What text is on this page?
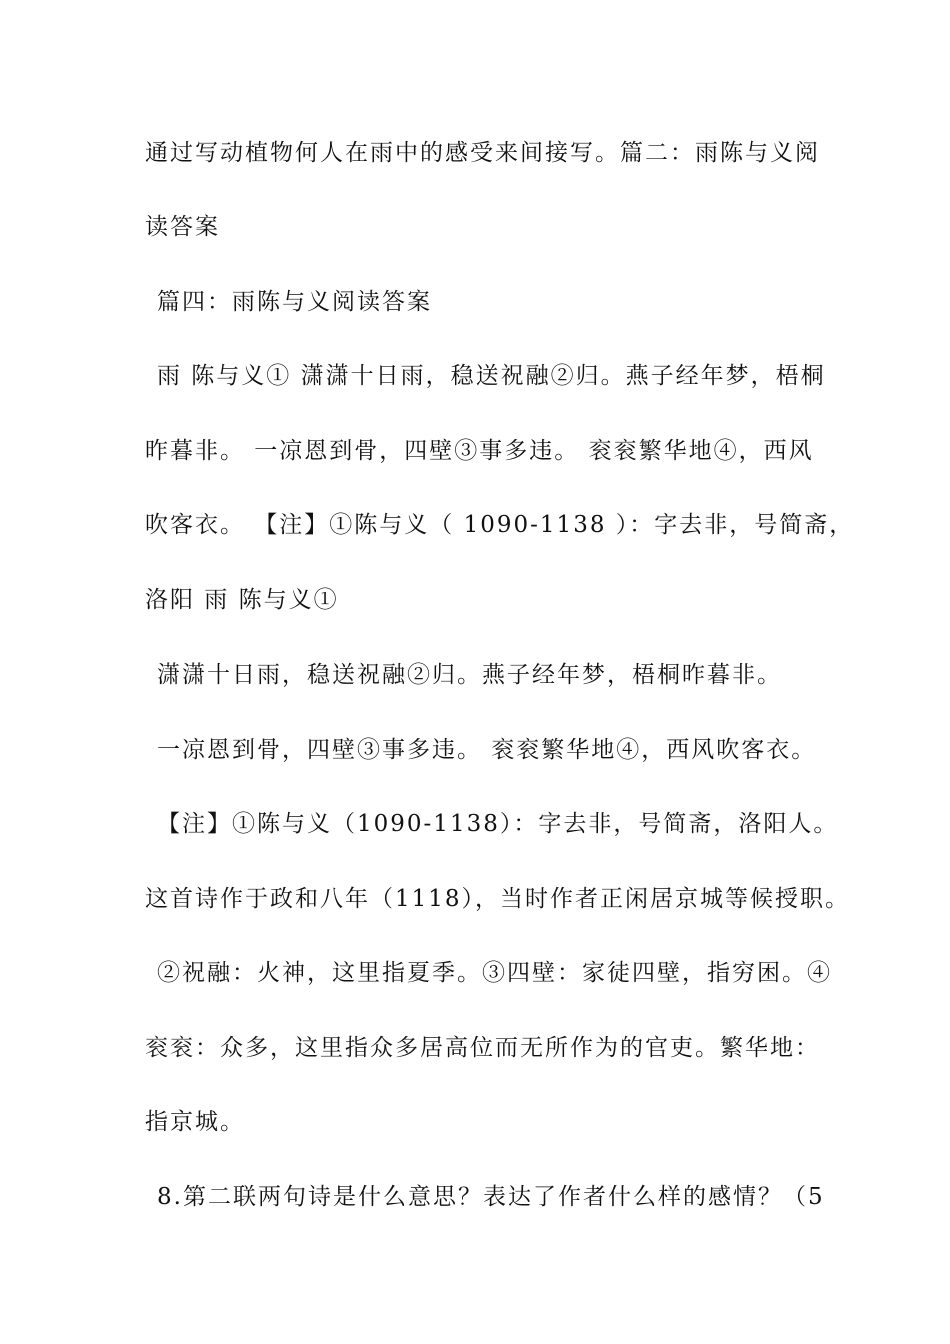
通过写动植物何人在雨中的感受来间接写。篇二：雨陈与义阅
读答案
篇四：雨陈与义阅读答案
雨 陈与义① 潇潇十日雨，稳送祝融②归。燕子经年梦，梧桐
昨暮非。 一凉恩到骨，四壁③事多违。 衮衮繁华地④，西风
吹客衣。 【注】①陈与义（ 1090-1138 ）：字去非，号简斋，
洛阳 雨 陈与义①
潇潇十日雨，稳送祝融②归。燕子经年梦，梧桐昨暮非。
一凉恩到骨，四壁③事多违。 衮衮繁华地④，西风吹客衣。
【注】①陈与义（1090-1138）：字去非，号简斋，洛阳人。
这首诗作于政和八年（1118），当时作者正闲居京城等候授职。
②祝融：火神，这里指夏季。③四壁：家徒四壁，指穷困。④
衮衮：众多，这里指众多居高位而无所作为的官吏。繁华地：
指京城。
8.第二联两句诗是什么意思？表达了作者什么样的感情？（5
